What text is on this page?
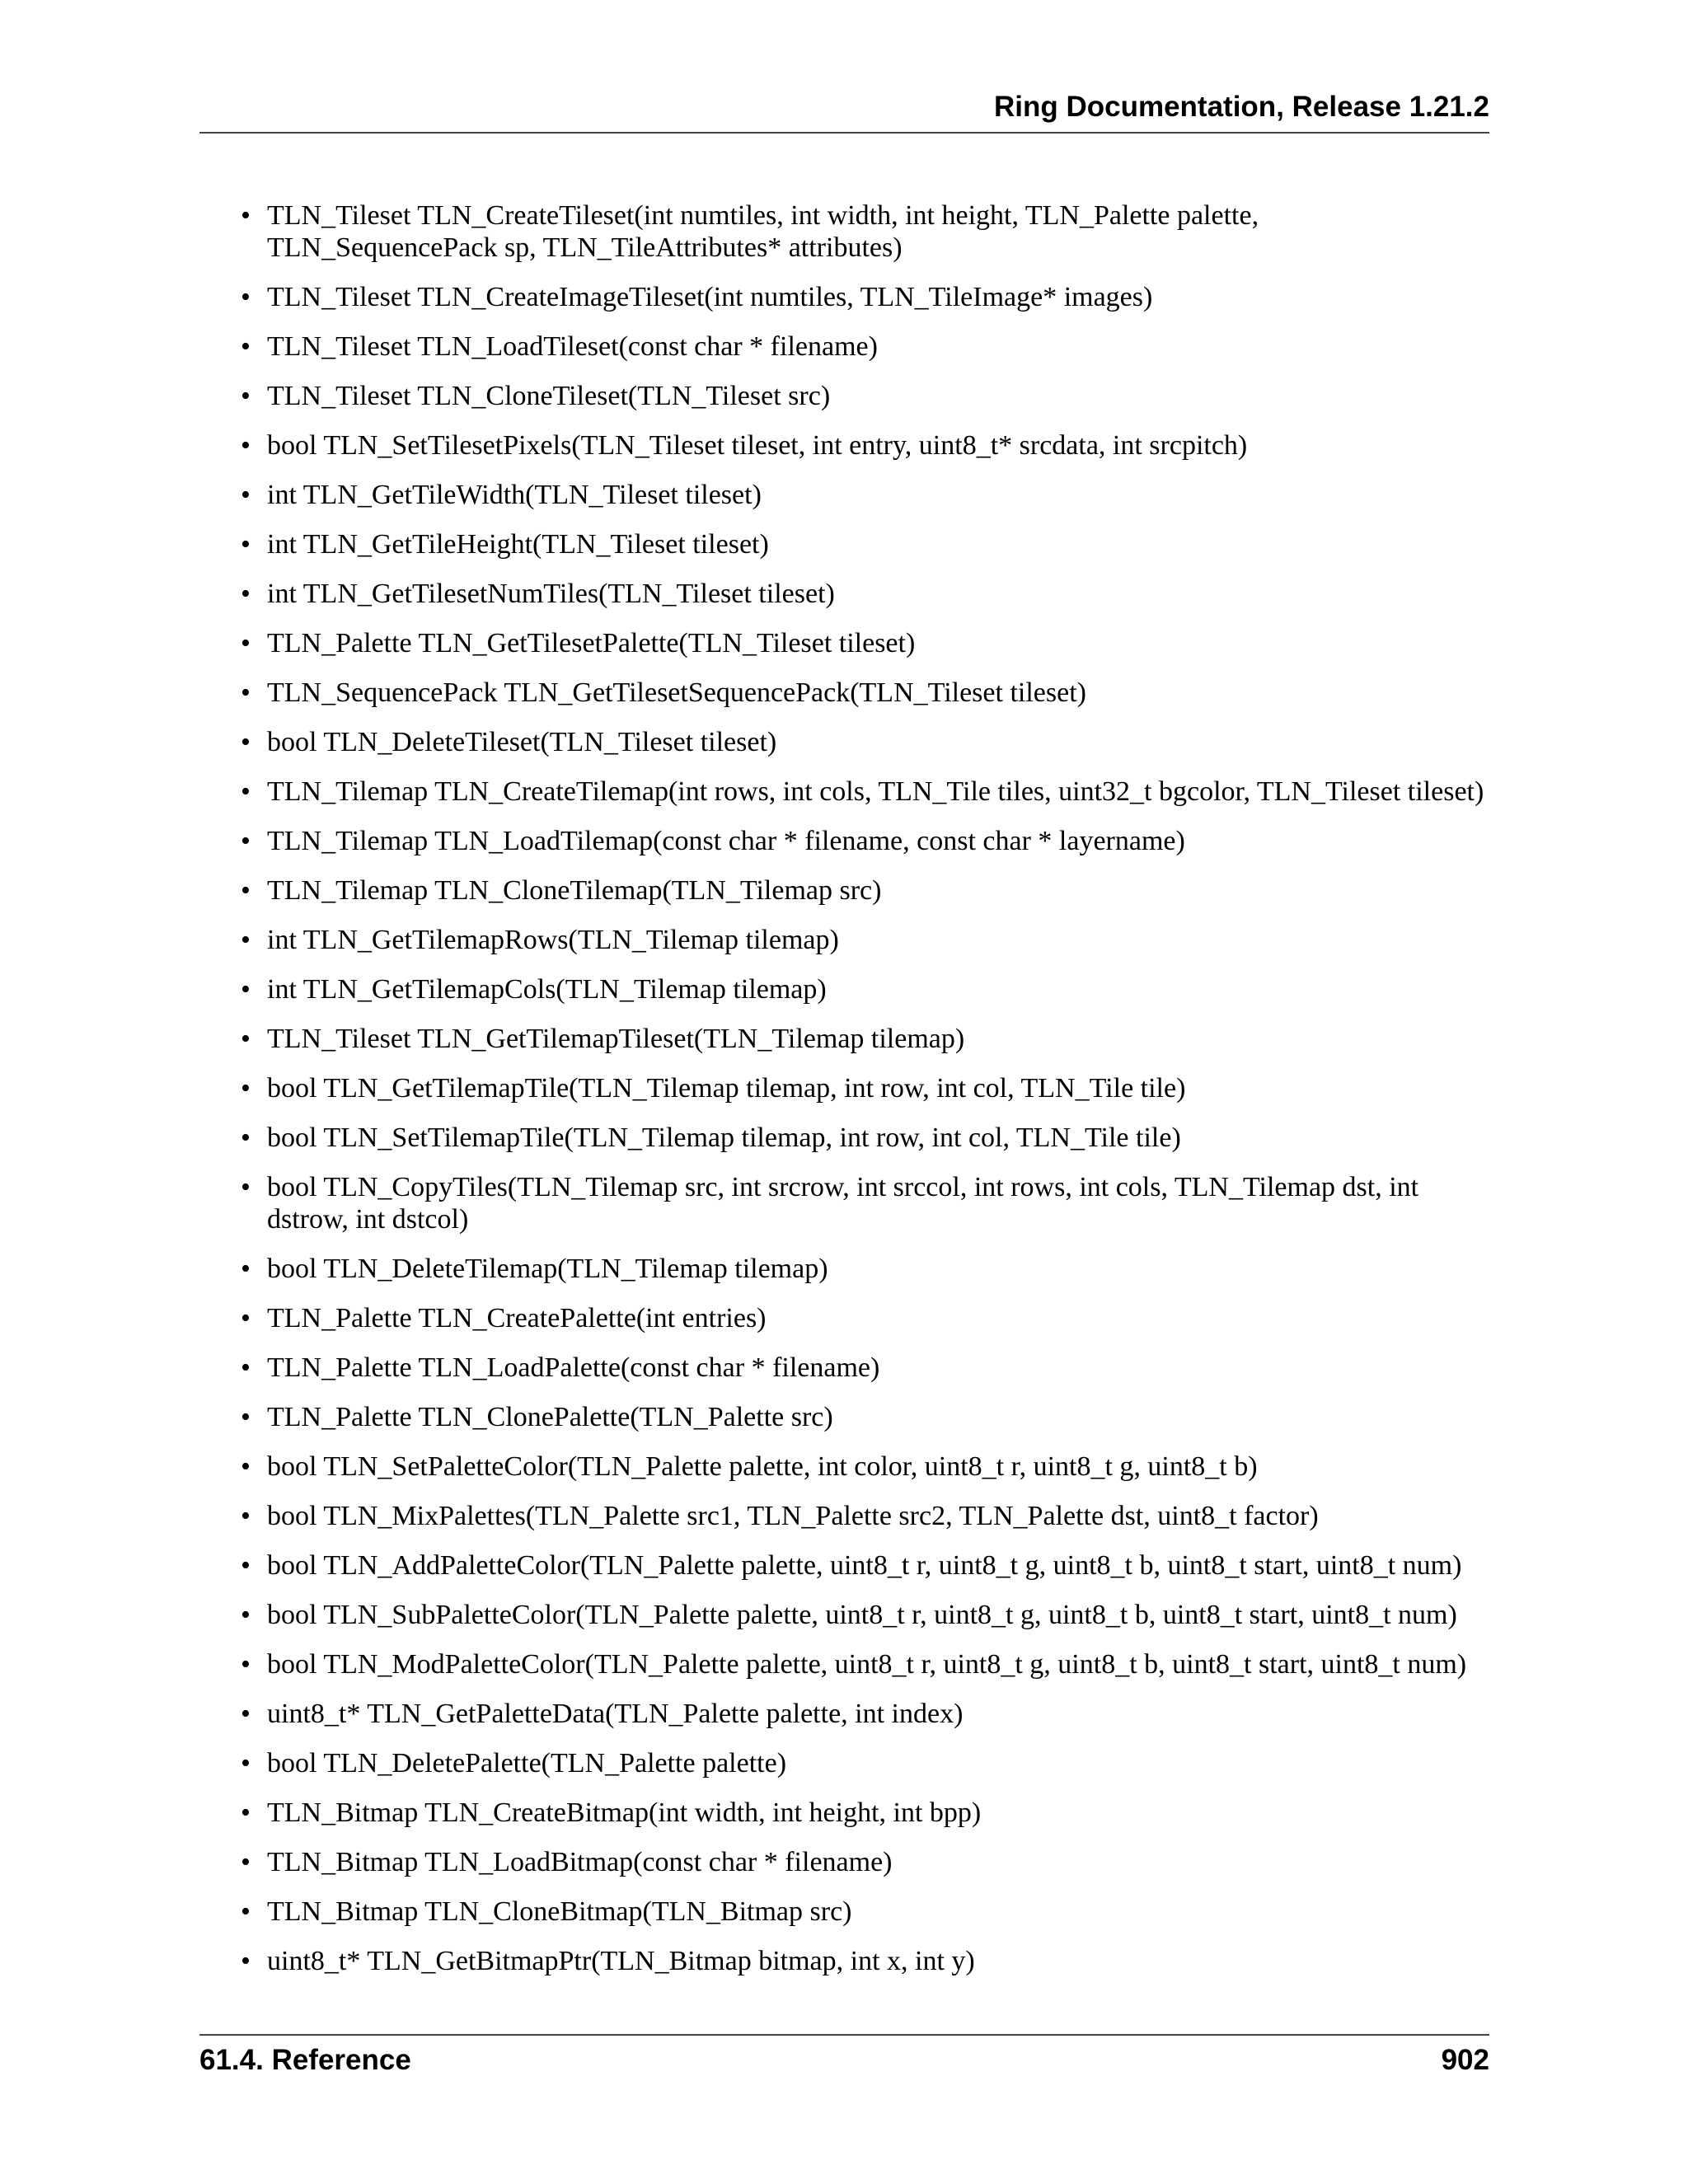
Ring Documentation, Release 1.21.2
• TLN_Tileset TLN_CreateTileset(int numtiles, int width, int height, TLN_Palette palette, TLN_SequencePack sp, TLN_TileAttributes* attributes)
• TLN_Tileset TLN_CreateImageTileset(int numtiles, TLN_TileImage* images)
• TLN_Tileset TLN_LoadTileset(const char * filename)
• TLN_Tileset TLN_CloneTileset(TLN_Tileset src)
• bool TLN_SetTilesetPixels(TLN_Tileset tileset, int entry, uint8_t* srcdata, int srcpitch)
• int TLN_GetTileWidth(TLN_Tileset tileset)
• int TLN_GetTileHeight(TLN_Tileset tileset)
• int TLN_GetTilesetNumTiles(TLN_Tileset tileset)
• TLN_Palette TLN_GetTilesetPalette(TLN_Tileset tileset)
• TLN_SequencePack TLN_GetTilesetSequencePack(TLN_Tileset tileset)
• bool TLN_DeleteTileset(TLN_Tileset tileset)
• TLN_Tilemap TLN_CreateTilemap(int rows, int cols, TLN_Tile tiles, uint32_t bgcolor, TLN_Tileset tileset)
• TLN_Tilemap TLN_LoadTilemap(const char * filename, const char * layername)
• TLN_Tilemap TLN_CloneTilemap(TLN_Tilemap src)
• int TLN_GetTilemapRows(TLN_Tilemap tilemap)
• int TLN_GetTilemapCols(TLN_Tilemap tilemap)
• TLN_Tileset TLN_GetTilemapTileset(TLN_Tilemap tilemap)
• bool TLN_GetTilemapTile(TLN_Tilemap tilemap, int row, int col, TLN_Tile tile)
• bool TLN_SetTilemapTile(TLN_Tilemap tilemap, int row, int col, TLN_Tile tile)
• bool TLN_CopyTiles(TLN_Tilemap src, int srcrow, int srccol, int rows, int cols, TLN_Tilemap dst, int dstrow, int dstcol)
• bool TLN_DeleteTilemap(TLN_Tilemap tilemap)
• TLN_Palette TLN_CreatePalette(int entries)
• TLN_Palette TLN_LoadPalette(const char * filename)
• TLN_Palette TLN_ClonePalette(TLN_Palette src)
• bool TLN_SetPaletteColor(TLN_Palette palette, int color, uint8_t r, uint8_t g, uint8_t b)
• bool TLN_MixPalettes(TLN_Palette src1, TLN_Palette src2, TLN_Palette dst, uint8_t factor)
• bool TLN_AddPaletteColor(TLN_Palette palette, uint8_t r, uint8_t g, uint8_t b, uint8_t start, uint8_t num)
• bool TLN_SubPaletteColor(TLN_Palette palette, uint8_t r, uint8_t g, uint8_t b, uint8_t start, uint8_t num)
• bool TLN_ModPaletteColor(TLN_Palette palette, uint8_t r, uint8_t g, uint8_t b, uint8_t start, uint8_t num)
• uint8_t* TLN_GetPaletteData(TLN_Palette palette, int index)
• bool TLN_DeletePalette(TLN_Palette palette)
• TLN_Bitmap TLN_CreateBitmap(int width, int height, int bpp)
• TLN_Bitmap TLN_LoadBitmap(const char * filename)
• TLN_Bitmap TLN_CloneBitmap(TLN_Bitmap src)
• uint8_t* TLN_GetBitmapPtr(TLN_Bitmap bitmap, int x, int y)
61.4. Reference	902
